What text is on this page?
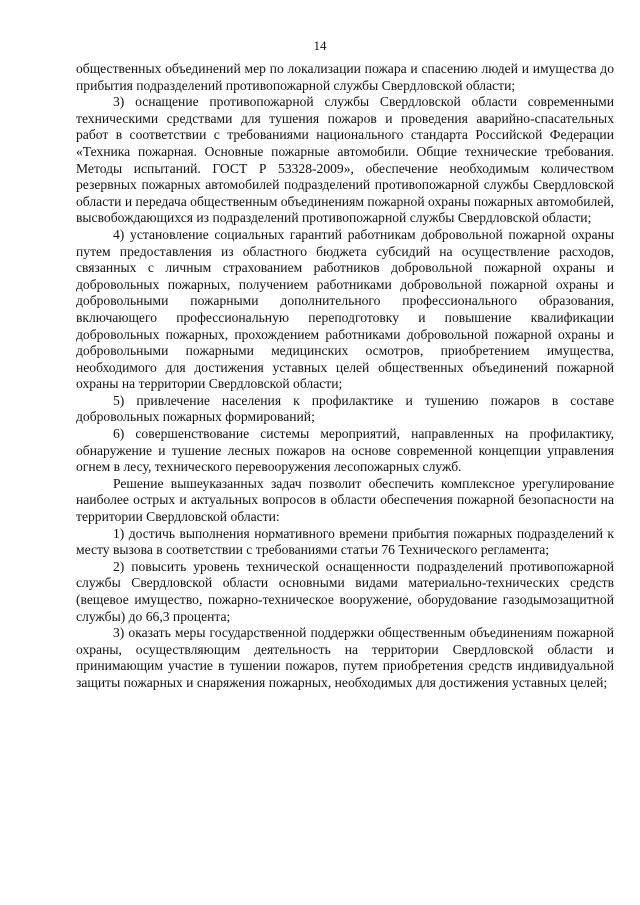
14

общественных объединений мер по локализации пожара и спасению людей и имущества до прибытия подразделений противопожарной службы Свердловской области;

3) оснащение противопожарной службы Свердловской области современными техническими средствами для тушения пожаров и проведения аварийно-спасательных работ в соответствии с требованиями национального стандарта Российской Федерации «Техника пожарная. Основные пожарные автомобили. Общие технические требования. Методы испытаний. ГОСТ Р 53328-2009», обеспечение необходимым количеством резервных пожарных автомобилей подразделений противопожарной службы Свердловской области и передача общественным объединениям пожарной охраны пожарных автомобилей, высвобождающихся из подразделений противопожарной службы Свердловской области;

4) установление социальных гарантий работникам добровольной пожарной охраны путем предоставления из областного бюджета субсидий на осуществление расходов, связанных с личным страхованием работников добровольной пожарной охраны и добровольных пожарных, получением работниками добровольной пожарной охраны и добровольными пожарными дополнительного профессионального образования, включающего профессиональную переподготовку и повышение квалификации добровольных пожарных, прохождением работниками добровольной пожарной охраны и добровольными пожарными медицинских осмотров, приобретением имущества, необходимого для достижения уставных целей общественных объединений пожарной охраны на территории Свердловской области;

5) привлечение населения к профилактике и тушению пожаров в составе добровольных пожарных формирований;

6) совершенствование системы мероприятий, направленных на профилактику, обнаружение и тушение лесных пожаров на основе современной концепции управления огнем в лесу, технического перевооружения лесопожарных служб.

Решение вышеуказанных задач позволит обеспечить комплексное урегулирование наиболее острых и актуальных вопросов в области обеспечения пожарной безопасности на территории Свердловской области:

1) достичь выполнения нормативного времени прибытия пожарных подразделений к месту вызова в соответствии с требованиями статьи 76 Технического регламента;

2) повысить уровень технической оснащенности подразделений противопожарной службы Свердловской области основными видами материально-технических средств (вещевое имущество, пожарно-техническое вооружение, оборудование газодымозащитной службы) до 66,3 процента;

3) оказать меры государственной поддержки общественным объединениям пожарной охраны, осуществляющим деятельность на территории Свердловской области и принимающим участие в тушении пожаров, путем приобретения средств индивидуальной защиты пожарных и снаряжения пожарных, необходимых для достижения уставных целей;
